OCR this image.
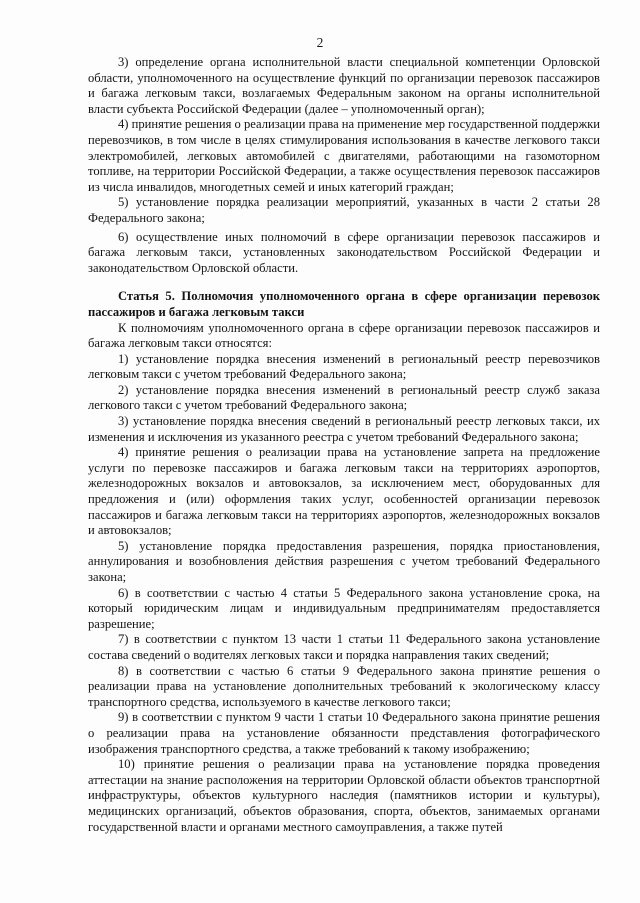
2

3) определение органа исполнительной власти специальной компетенции Орловской области, уполномоченного на осуществление функций по организации перевозок пассажиров и багажа легковым такси, возлагаемых Федеральным законом на органы исполнительной власти субъекта Российской Федерации (далее – уполномоченный орган);

4) принятие решения о реализации права на применение мер государственной поддержки перевозчиков, в том числе в целях стимулирования использования в качестве легкового такси электромобилей, легковых автомобилей с двигателями, работающими на газомоторном топливе, на территории Российской Федерации, а также осуществления перевозок пассажиров из числа инвалидов, многодетных семей и иных категорий граждан;

5) установление порядка реализации мероприятий, указанных в части 2 статьи 28 Федерального закона;

6) осуществление иных полномочий в сфере организации перевозок пассажиров и багажа легковым такси, установленных законодательством Российской Федерации и законодательством Орловской области.

Статья 5. Полномочия уполномоченного органа в сфере организации перевозок пассажиров и багажа легковым такси

К полномочиям уполномоченного органа в сфере организации перевозок пассажиров и багажа легковым такси относятся:

1) установление порядка внесения изменений в региональный реестр перевозчиков легковым такси с учетом требований Федерального закона;

2) установление порядка внесения изменений в региональный реестр служб заказа легкового такси с учетом требований Федерального закона;

3) установление порядка внесения сведений в региональный реестр легковых такси, их изменения и исключения из указанного реестра с учетом требований Федерального закона;

4) принятие решения о реализации права на установление запрета на предложение услуги по перевозке пассажиров и багажа легковым такси на территориях аэропортов, железнодорожных вокзалов и автовокзалов, за исключением мест, оборудованных для предложения и (или) оформления таких услуг, особенностей организации перевозок пассажиров и багажа легковым такси на территориях аэропортов, железнодорожных вокзалов и автовокзалов;

5) установление порядка предоставления разрешения, порядка приостановления, аннулирования и возобновления действия разрешения с учетом требований Федерального закона;

6) в соответствии с частью 4 статьи 5 Федерального закона установление срока, на который юридическим лицам и индивидуальным предпринимателям предоставляется разрешение;

7) в соответствии с пунктом 13 части 1 статьи 11 Федерального закона установление состава сведений о водителях легковых такси и порядка направления таких сведений;

8) в соответствии с частью 6 статьи 9 Федерального закона принятие решения о реализации права на установление дополнительных требований к экологическому классу транспортного средства, используемого в качестве легкового такси;

9) в соответствии с пунктом 9 части 1 статьи 10 Федерального закона принятие решения о реализации права на установление обязанности представления фотографического изображения транспортного средства, а также требований к такому изображению;

10) принятие решения о реализации права на установление порядка проведения аттестации на знание расположения на территории Орловской области объектов транспортной инфраструктуры, объектов культурного наследия (памятников истории и культуры), медицинских организаций, объектов образования, спорта, объектов, занимаемых органами государственной власти и органами местного самоуправления, а также путей
